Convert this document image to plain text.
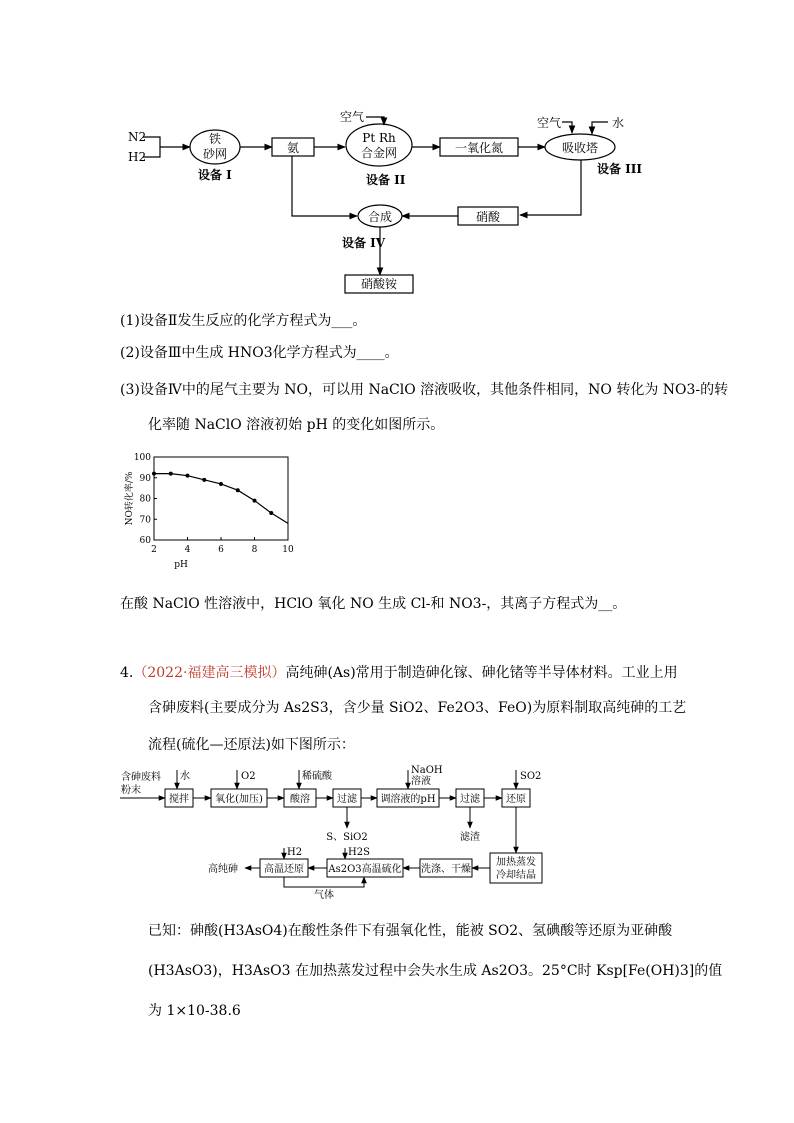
N2
H2
铁
砂网
设备 I
氨
空气
Pt Rh
合金网
设备 II
一氧化氮
空气	水
吸收塔
设备 III
硝酸
合成
设备 IV
硝酸铵
(1)设备Ⅱ发生反应的化学方程式为___。
(2)设备Ⅲ中生成 HNO3化学方程式为____。
(3)设备Ⅳ中的尾气主要为 NO，可以用 NaClO 溶液吸收，其他条件相同，NO 转化为 NO3-的转
化率随 NaClO 溶液初始 pH 的变化如图所示。
2	4	6	8	10
60
70
80
90
100
pH
NO转化率/%
在酸 NaClO 性溶液中，HClO 氧化 NO 生成 Cl-和 NO3-，其离子方程式为__。
4.（2022·福建高三模拟）高纯砷(As)常用于制造砷化镓、砷化锗等半导体材料。工业上用
含砷废料(主要成分为 As2S3，含少量 SiO2、Fe2O3、FeO)为原料制取高纯砷的工艺
流程(硫化—还原法)如下图所示：
含砷废料
粉末
水
搅拌
O2
氧化(加压)
稀硫酸
酸溶	过滤
S、SiO2
NaOH
溶液
调溶液的pH 过滤
滤渣
SO2
还原
加热蒸发
冷却结晶
洗涤、干燥
H2S
As2O3高温硫化
H2
高温还原
气体
高纯砷
已知：砷酸(H3AsO4)在酸性条件下有强氧化性，能被 SO2、氢碘酸等还原为亚砷酸
(H3AsO3)，H3AsO3 在加热蒸发过程中会失水生成 As2O3。25°C时 Ksp[Fe(OH)3]的值
为 1×10-38.6
